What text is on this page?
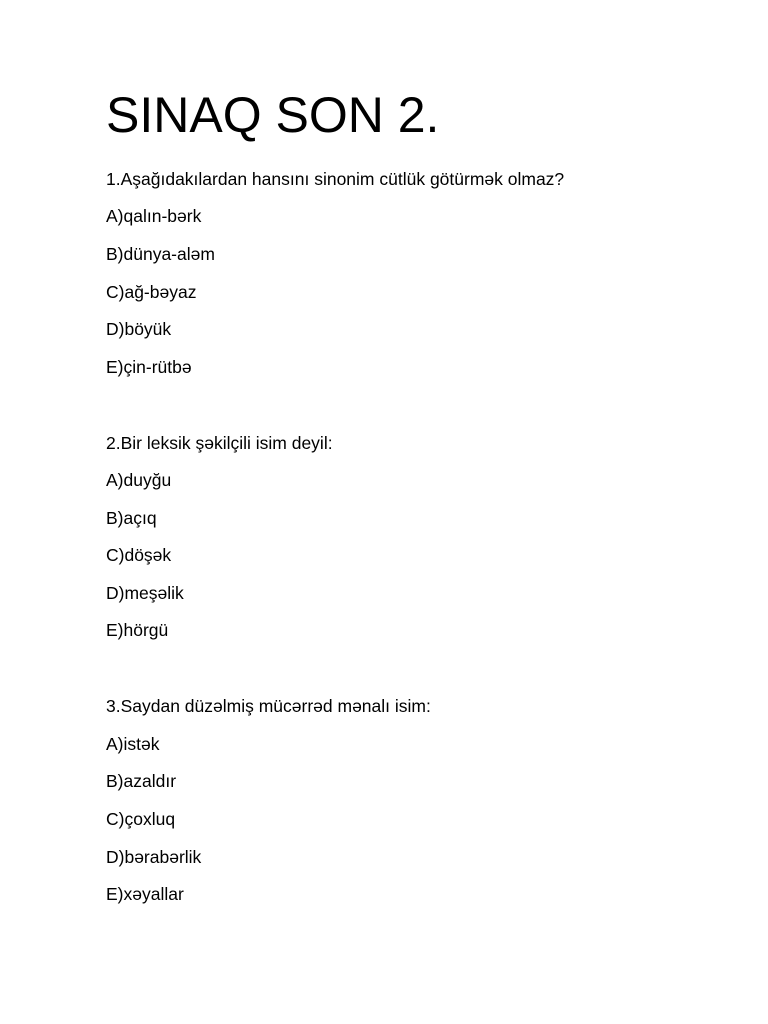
SINAQ SON 2.
1.Aşağıdakılardan hansını sinonim cütlük götürmək olmaz?
A)qalın-bərk
B)dünya-aləm
C)ağ-bəyaz
D)böyük
E)çin-rütbə
2.Bir leksik şəkilçili isim deyil:
A)duyğu
B)açıq
C)döşək
D)meşəlik
E)hörgü
3.Saydan düzəlmiş mücərrəd mənalı isim:
A)istək
B)azaldır
C)çoxluq
D)bərabərlik
E)xəyallar
